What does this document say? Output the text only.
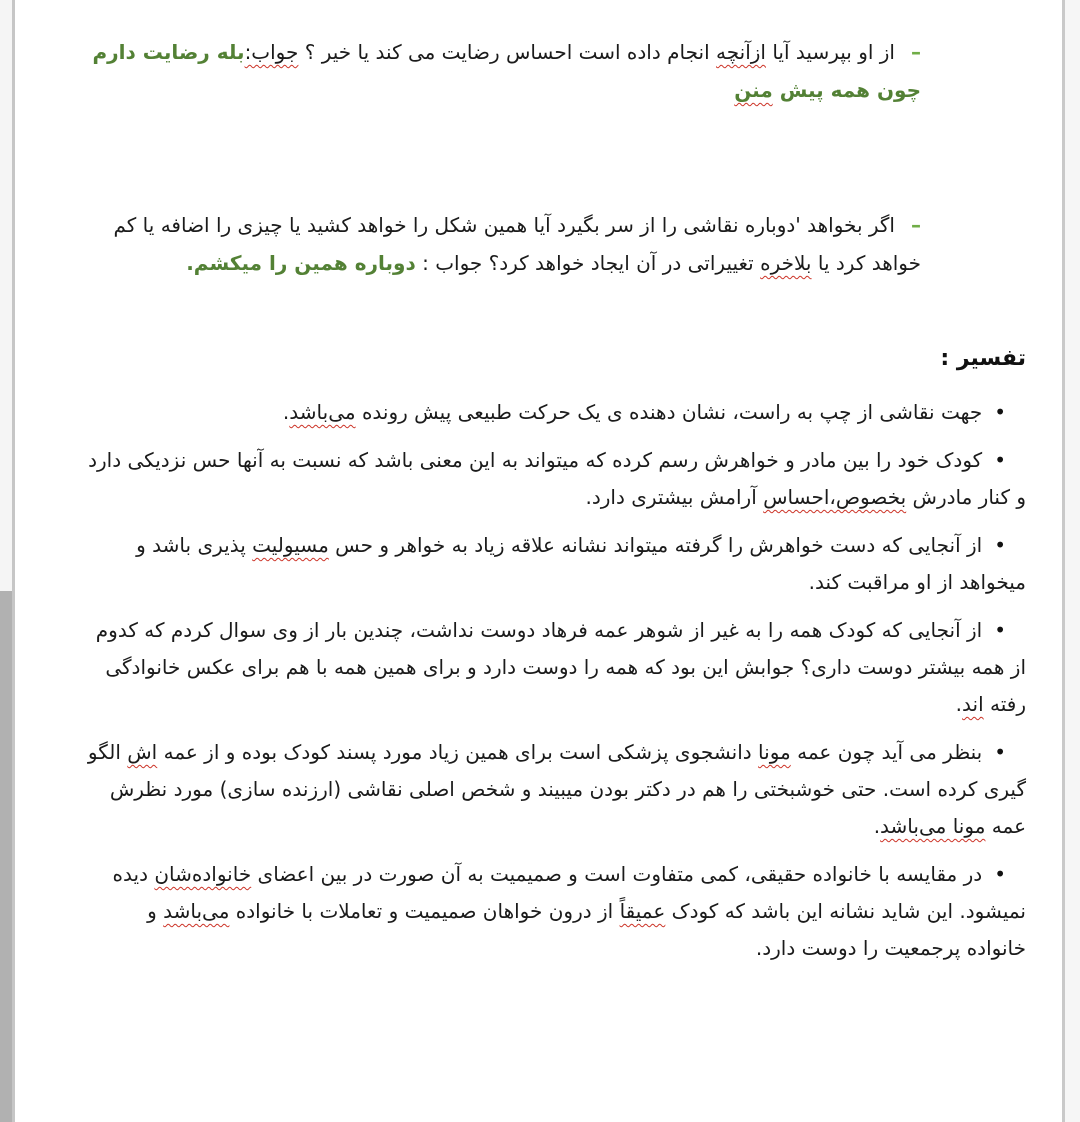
–از او بپرسید آیا ازآنچه انجام داده است احساس رضایت می کند یا خیر ؟ جواب:بله رضایت دارم چون همه پیش منن

–اگر بخواهد 'دوباره نقاشی را از سر بگیرد آیا همین شکل را خواهد کشید یا چیزی را اضافه یا کم خواهد کرد یا بلاخره تغییراتی در آن ایجاد خواهد کرد؟ جواب : دوباره همین را میکشم.

تفسیر :

•جهت نقاشی از چپ به راست، نشان دهنده ی یک حرکت طبیعی پیش رونده می‌باشد.

•کودک خود را بین مادر و خواهرش رسم کرده که میتواند به این معنی باشد که نسبت به آنها حس نزدیکی دارد و کنار مادرش بخصوص،احساس آرامش بیشتری دارد.

•از آنجایی که دست خواهرش را گرفته میتواند نشانه علاقه زیاد به خواهر و حس مسیولیت پذیری باشد و میخواهد از او مراقبت کند.

•از آنجایی که کودک همه را به غیر از شوهر عمه فرهاد دوست نداشت، چندین بار از وی سوال کردم که کدوم از همه بیشتر دوست داری؟ جوابش این بود که همه را دوست دارد و برای همین همه با هم برای عکس خانوادگی رفته اند.

•بنظر می آید چون عمه مونا دانشجوی پزشکی است برای همین زیاد مورد پسند کودک بوده و از عمه اش الگو گیری کرده است. حتی خوشبختی را هم در دکتر بودن میبیند و شخص اصلی نقاشی (ارزنده سازی) مورد نظرش عمه مونا می‌باشد.

•در مقایسه با خانواده حقیقی، کمی متفاوت است و صمیمیت به آن صورت در بین اعضای خانواده‌شان دیده نمیشود. این شاید نشانه این باشد که کودک عمیقاً از درون خواهان صمیمیت و تعاملات با خانواده می‌باشد و خانواده پرجمعیت را دوست دارد.
